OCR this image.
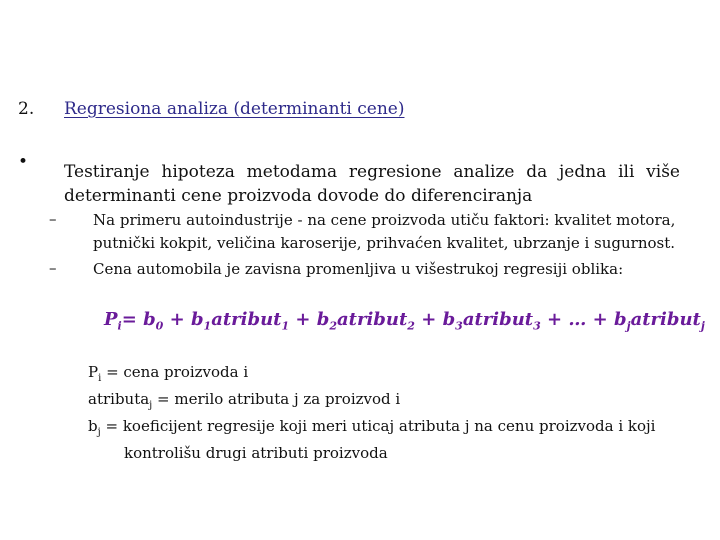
2. Regresiona analiza (determinanti cene)
• Testiranje hipoteza metodama regresione analize da jedna ili više determinanti cene proizvoda dovode do diferenciranja
– Na primeru autoindustrije - na cene proizvoda utiču faktori: kvalitet motora, putnički kokpit, veličina karoserije, prihvaćen kvalitet, ubrzanje i sugurnost.
– Cena automobila je zavisna promenljiva u višestrukoj regresiji oblika:
$P_i= b_0$ + $b_1atribut_1$ + $b_2atribut_2$ + $b_3atribut_3$ + … + $b_jatribut_j$
$P_i$ = cena proizvoda i
atributa$_j$ = merilo atributa j za proizvod i
$b_j$ = koeficijent regresije koji meri uticaj atributa j na cenu proizvoda i koji
kontrolišu drugi atributi proizvoda
